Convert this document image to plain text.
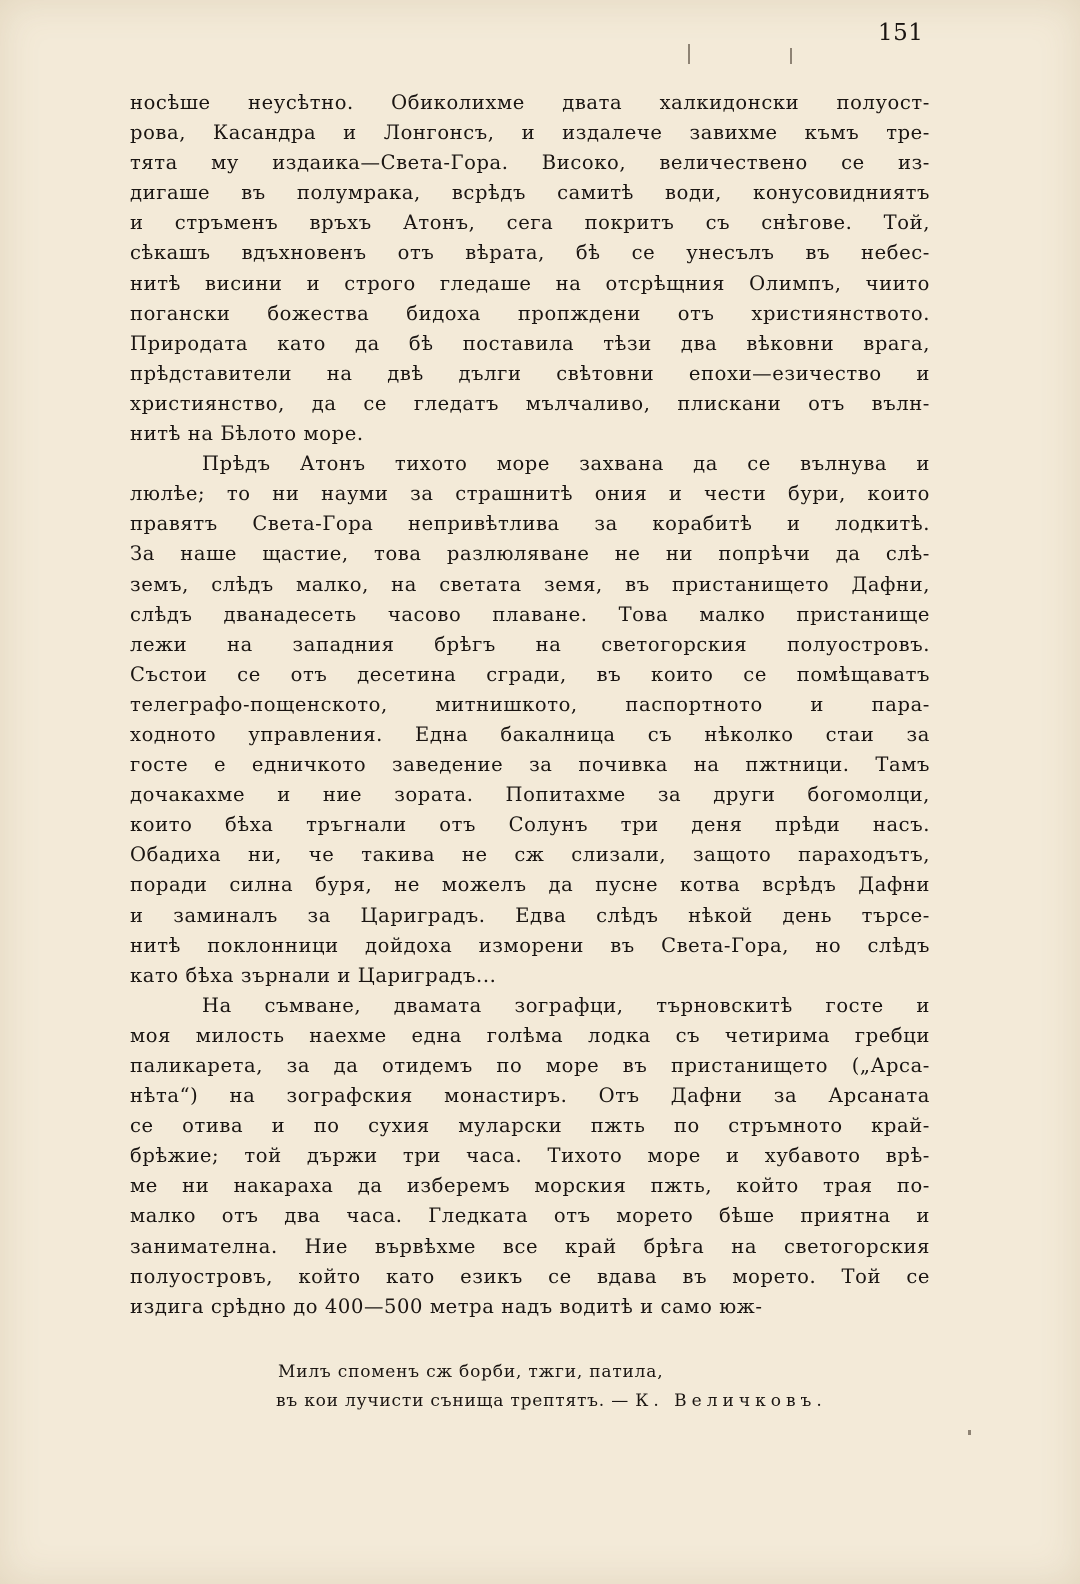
151
носѣше неусѣтно. Обиколихме двата халкидонски полуост-
рова, Касандра и Лонгонсъ, и издалече завихме къмъ тре-
тята му издаика—Света-Гора. Високо, величествено се из-
дигаше въ полумрака, всрѣдъ самитѣ води, конусовидниятъ
и стръменъ връхъ Атонъ, сега покритъ съ снѣгове. Той,
сѣкашъ вдъхновенъ отъ вѣрата, бѣ се унесълъ въ небес-
нитѣ висини и строго гледаше на отсрѣщния Олимпъ, чиито
погански божества бидоха пропждени отъ християнството.
Природата като да бѣ поставила тѣзи два вѣковни врага,
прѣдставители на двѣ дълги свѣтовни епохи—езичество и
християнство, да се гледатъ мълчаливо, плискани отъ вълн-
нитѣ на Бѣлото море.
Прѣдъ Атонъ тихото море захвана да се вълнува и
люлѣе; то ни науми за страшнитѣ ония и чести бури, които
правятъ Света-Гора непривѣтлива за корабитѣ и лодкитѣ.
За наше щастие, това разлюляване не ни попрѣчи да слѣ-
земъ, слѣдъ малко, на светата земя, въ пристанището Дафни,
слѣдъ дванадесеть часово плаване. Това малко пристанище
лежи на западния брѣгъ на светогорския полуостровъ.
Състои се отъ десетина сгради, въ които се помѣщаватъ
телеграфо-пощенското, митнишкото, паспортното и пара-
ходното управления. Една бакалница съ нѣколко стаи за
госте е едничкото заведение за почивка на пжтници. Тамъ
дочакахме и ние зората. Попитахме за други богомолци,
които бѣха тръгнали отъ Солунъ три деня прѣди насъ.
Обадиха ни, че такива не сж слизали, защото параходътъ,
поради силна буря, не можелъ да пусне котва всрѣдъ Дафни
и заминалъ за Цариградъ. Едва слѣдъ нѣкой день търсе-
нитѣ поклонници дойдоха изморени въ Света-Гора, но слѣдъ
като бѣха зърнали и Цариградъ...
На съмване, двамата зографци, търновскитѣ госте и
моя милость наехме една голѣма лодка съ четирима гребци
паликарета, за да отидемъ по море въ пристанището („Арса-
нѣта“) на зографския монастиръ. Отъ Дафни за Арсаната
се отива и по сухия муларски пжть по стръмното край-
брѣжие; той държи три часа. Тихото море и хубавото врѣ-
ме ни накараха да изберемъ морския пжть, който трая по-
малко отъ два часа. Гледката отъ морето бѣше приятна и
занимателна. Ние вървѣхме все край брѣга на светогорския
полуостровъ, който като езикъ се вдава въ морето. Той се
издига срѣдно до 400—500 метра надъ водитѣ и само юж-
Милъ споменъ сж борби, тжги, патила,
въ кои лучисти сънища трептятъ. — К. Величковъ.
